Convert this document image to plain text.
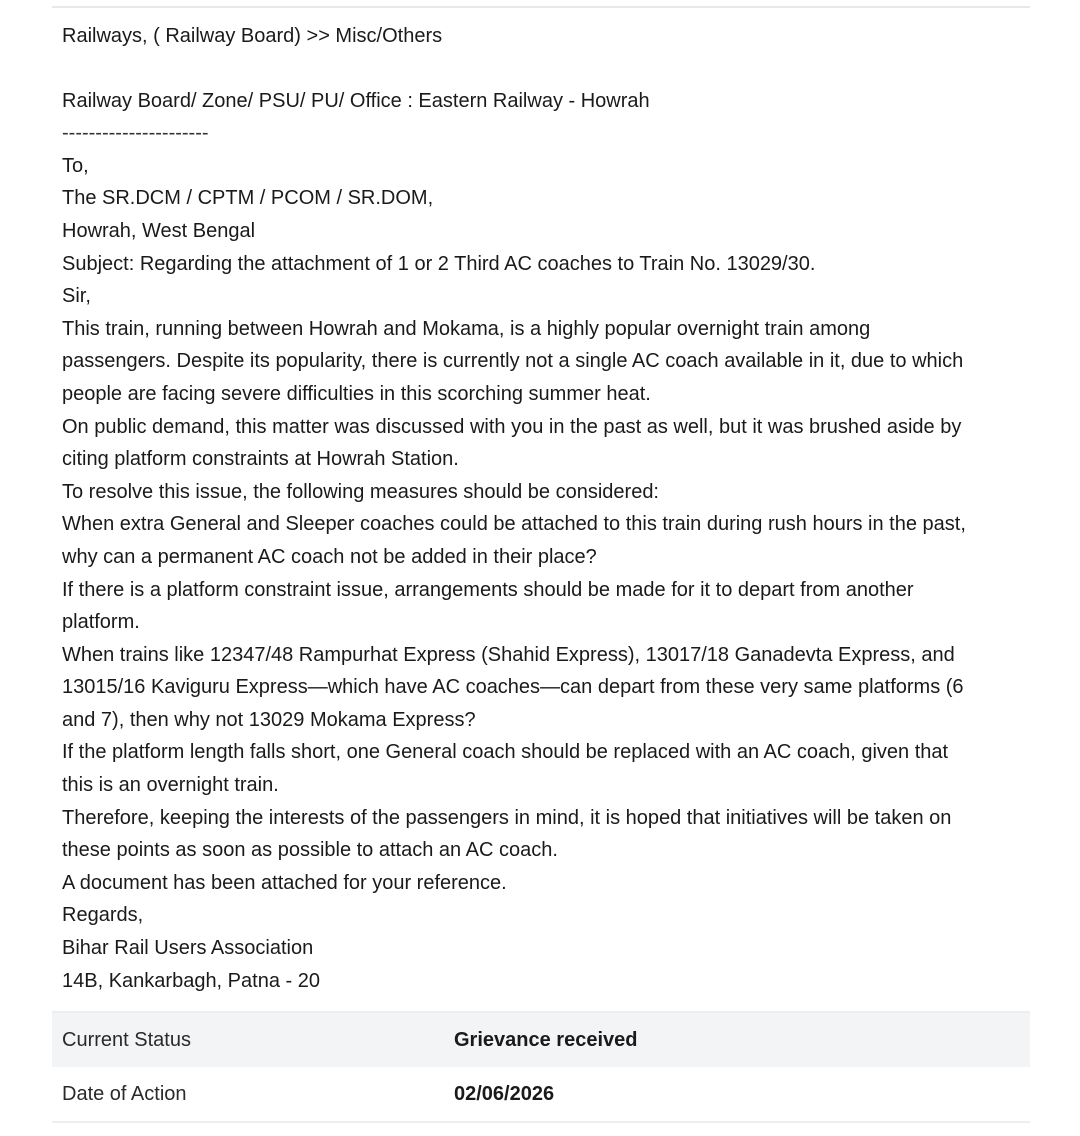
Railways, ( Railway Board) >> Misc/Others
Railway Board/ Zone/ PSU/ PU/ Office : Eastern Railway - Howrah
----------------------
To,
The SR.DCM / CPTM / PCOM / SR.DOM,
Howrah, West Bengal
Subject: Regarding the attachment of 1 or 2 Third AC coaches to Train No. 13029/30.
Sir,
This train, running between Howrah and Mokama, is a highly popular overnight train among
passengers. Despite its popularity, there is currently not a single AC coach available in it, due to which
people are facing severe difficulties in this scorching summer heat.
On public demand, this matter was discussed with you in the past as well, but it was brushed aside by
citing platform constraints at Howrah Station.
To resolve this issue, the following measures should be considered:
When extra General and Sleeper coaches could be attached to this train during rush hours in the past,
why can a permanent AC coach not be added in their place?
If there is a platform constraint issue, arrangements should be made for it to depart from another
platform.
When trains like 12347/48 Rampurhat Express (Shahid Express), 13017/18 Ganadevta Express, and
13015/16 Kaviguru Express—which have AC coaches—can depart from these very same platforms (6
and 7), then why not 13029 Mokama Express?
If the platform length falls short, one General coach should be replaced with an AC coach, given that
this is an overnight train.
Therefore, keeping the interests of the passengers in mind, it is hoped that initiatives will be taken on
these points as soon as possible to attach an AC coach.
A document has been attached for your reference.
Regards,
Bihar Rail Users Association
14B, Kankarbagh, Patna - 20
Current Status	Grievance received
Date of Action	02/06/2026
